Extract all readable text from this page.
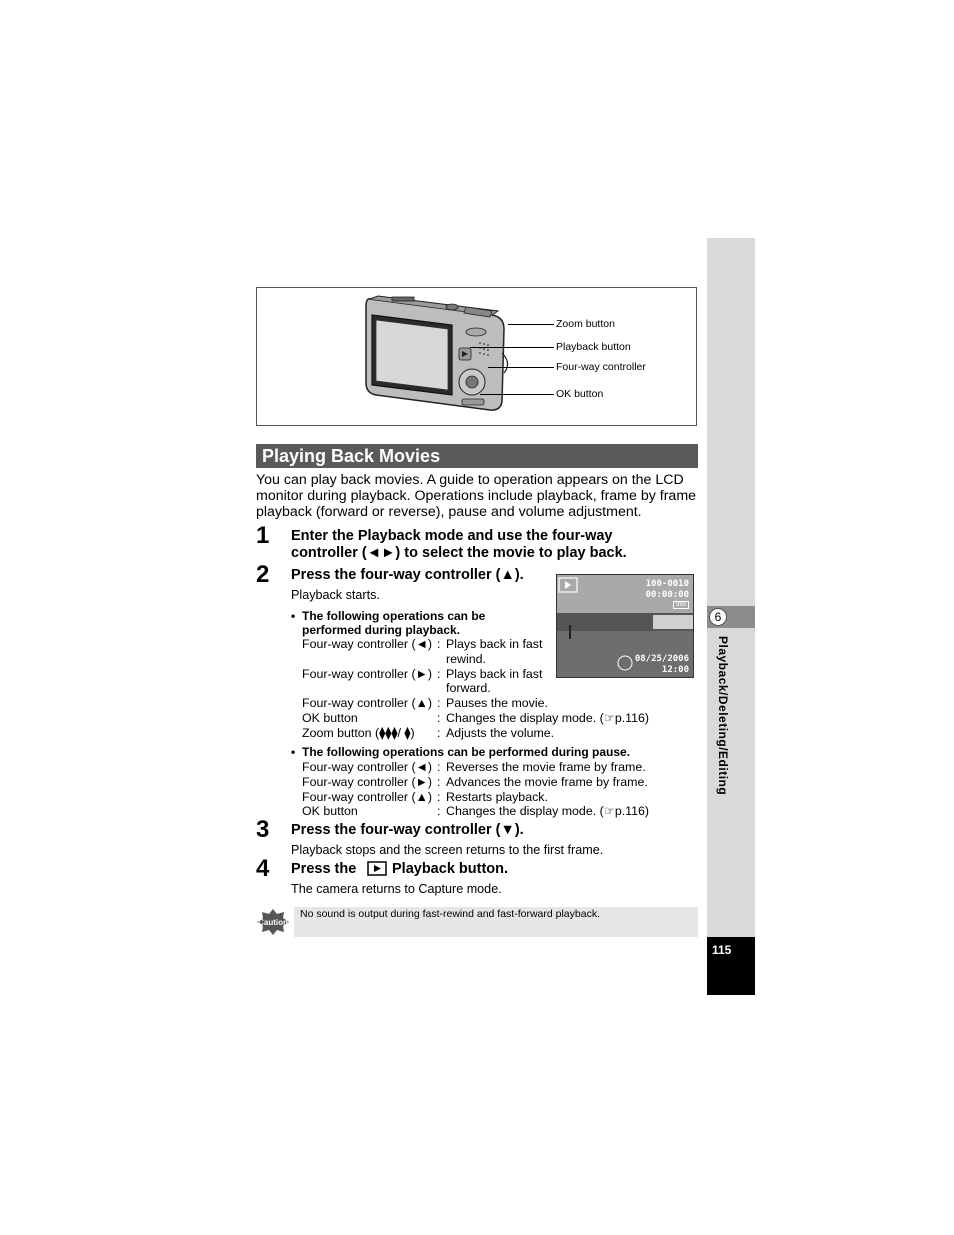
6
Playback/Deleting/Editing
115
Zoom button
Playback button
Four-way controller
OK button
Playing Back Movies
You can play back movies. A guide to operation appears on the LCD monitor during playback. Operations include playback, frame by frame playback (forward or reverse), pause and volume adjustment.
1 Enter the Playback mode and use the four-way
controller (◄►) to select the movie to play back.
2 Press the four-way controller (▲).
Playback starts.
100-0010
00:00:00
999
08/25/2006
12:00
• The following operations can be
performed during playback.
Four-way controller (◄)	:	Plays back in fast
		rewind.
Four-way controller (►)	:	Plays back in fast
		forward.
Four-way controller (▲)	:	Pauses the movie.
OK button	:	Changes the display mode. (☞p.116)
Zoom button (⧫⧫⧫/ ⧫)	:	Adjusts the volume.
• The following operations can be performed during pause.
Four-way controller (◄)	:	Reverses the movie frame by frame.
Four-way controller (►)	:	Advances the movie frame by frame.
Four-way controller (▲)	:	Restarts playback.
OK button	:	Changes the display mode. (☞p.116)
3 Press the four-way controller (▼).
Playback stops and the screen returns to the first frame.
4 Press the Playback button.
The camera returns to Capture mode.
Caution
No sound is output during fast-rewind and fast-forward playback.
